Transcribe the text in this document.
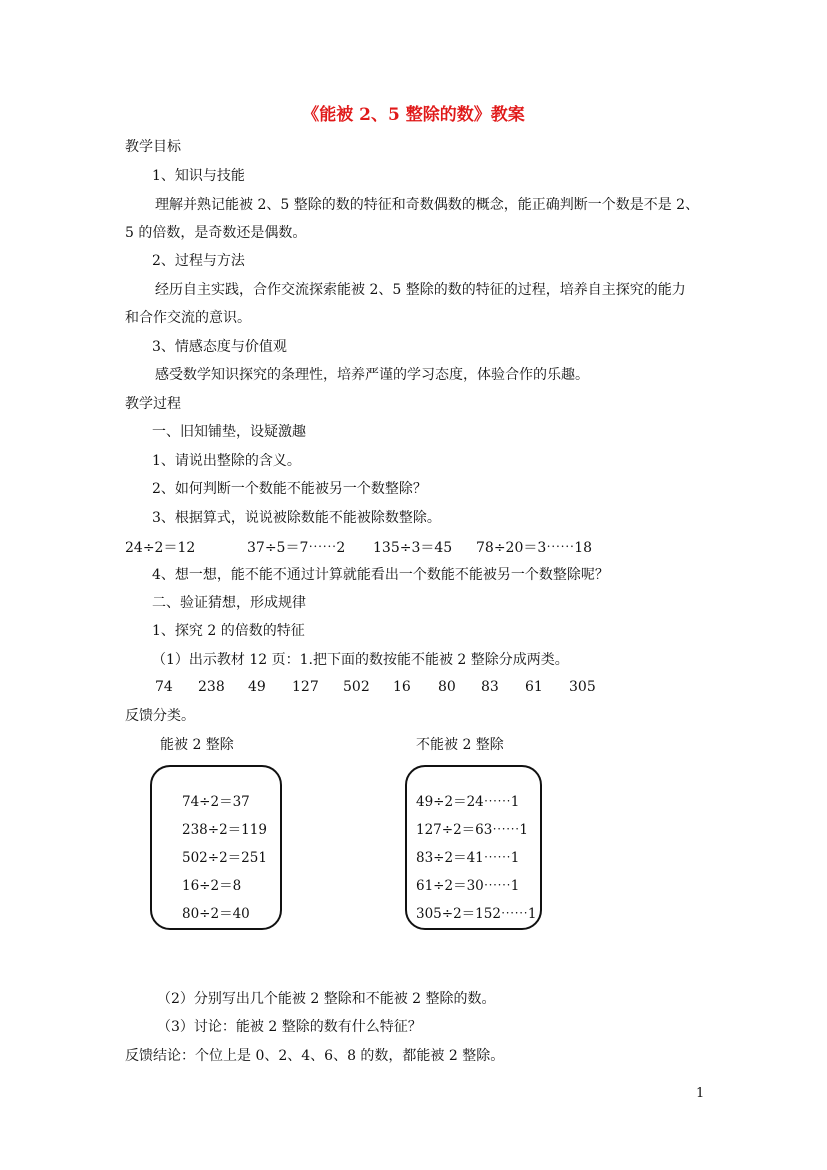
《能被 2、5 整除的数》教案
教学目标
1、知识与技能
理解并熟记能被 2、5 整除的数的特征和奇数偶数的概念，能正确判断一个数是不是 2、
5 的倍数，是奇数还是偶数。
2、过程与方法
经历自主实践，合作交流探索能被 2、5 整除的数的特征的过程，培养自主探究的能力
和合作交流的意识。
3、情感态度与价值观
感受数学知识探究的条理性，培养严谨的学习态度，体验合作的乐趣。
教学过程
一、旧知铺垫，设疑激趣
1、请说出整除的含义。
2、如何判断一个数能不能被另一个数整除？
3、根据算式，说说被除数能不能被除数整除。
24÷2＝12	37÷5＝7⋯⋯2 135÷3＝45 78÷20＝3⋯⋯18
4、想一想，能不能不通过计算就能看出一个数能不能被另一个数整除呢？
二、验证猜想，形成规律
1、探究 2 的倍数的特征
（1）出示教材 12 页：1.把下面的数按能不能被 2 整除分成两类。
74 238 49 127 502 16 80 83 61 305
反馈分类。
能被 2 整除	不能被 2 整除
74÷2＝37
238÷2＝119
502÷2＝251
16÷2＝8
80÷2＝40
49÷2＝24⋯⋯1
127÷2＝63⋯⋯1
83÷2＝41⋯⋯1
61÷2＝30⋯⋯1
305÷2＝152⋯⋯1
（2）分别写出几个能被 2 整除和不能被 2 整除的数。
（3）讨论：能被 2 整除的数有什么特征？
反馈结论：个位上是 0、2、4、6、8 的数，都能被 2 整除。
1
